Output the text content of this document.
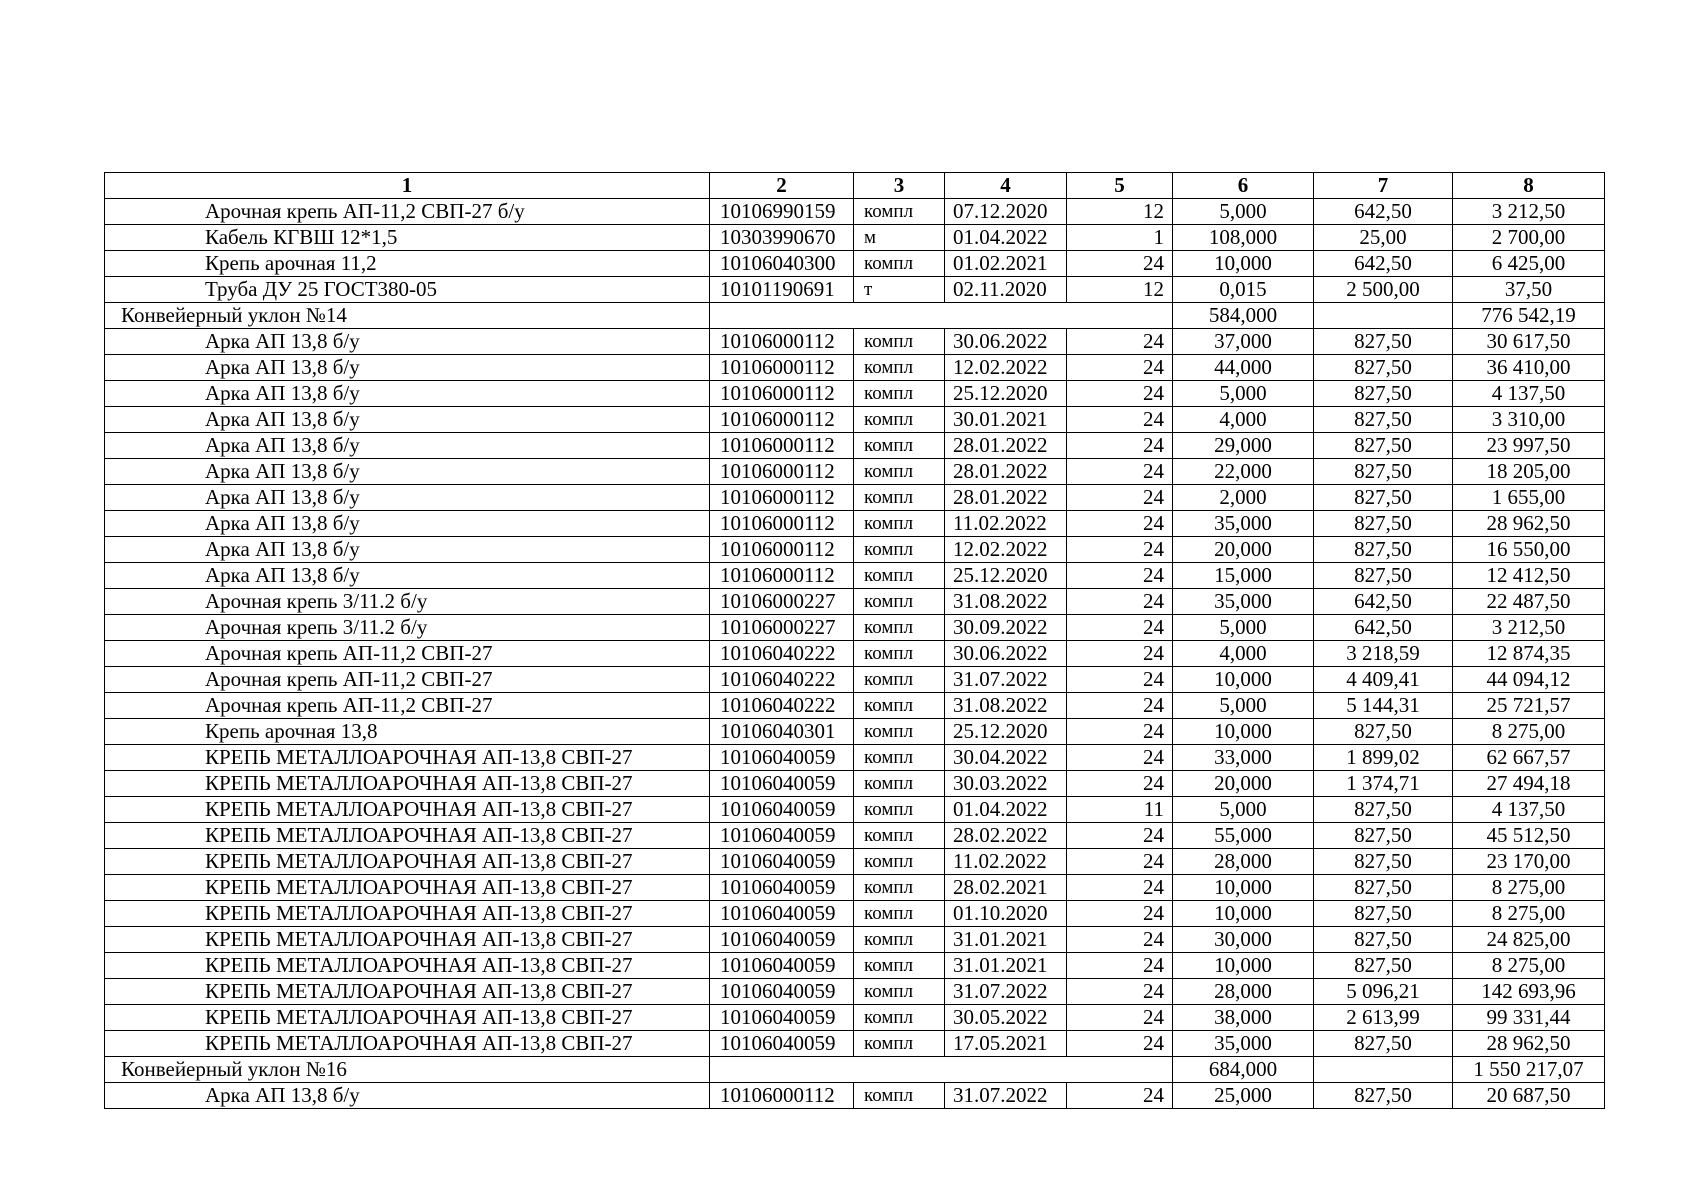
1	2	3	4	5	6	7	8
Арочная крепь АП-11,2 СВП-27 б/у	10106990159	компл	07.12.2020	12	5,000	642,50	3 212,50
Кабель КГВШ 12*1,5	10303990670	м	01.04.2022	1	108,000	25,00	2 700,00
Крепь арочная 11,2	10106040300	компл	01.02.2021	24	10,000	642,50	6 425,00
Труба ДУ 25 ГОСТ380-05	10101190691	т	02.11.2020	12	0,015	2 500,00	37,50
Конвейерный уклон №14					584,000		776 542,19
Арка АП 13,8 б/у	10106000112	компл	30.06.2022	24	37,000	827,50	30 617,50
Арка АП 13,8 б/у	10106000112	компл	12.02.2022	24	44,000	827,50	36 410,00
Арка АП 13,8 б/у	10106000112	компл	25.12.2020	24	5,000	827,50	4 137,50
Арка АП 13,8 б/у	10106000112	компл	30.01.2021	24	4,000	827,50	3 310,00
Арка АП 13,8 б/у	10106000112	компл	28.01.2022	24	29,000	827,50	23 997,50
Арка АП 13,8 б/у	10106000112	компл	28.01.2022	24	22,000	827,50	18 205,00
Арка АП 13,8 б/у	10106000112	компл	28.01.2022	24	2,000	827,50	1 655,00
Арка АП 13,8 б/у	10106000112	компл	11.02.2022	24	35,000	827,50	28 962,50
Арка АП 13,8 б/у	10106000112	компл	12.02.2022	24	20,000	827,50	16 550,00
Арка АП 13,8 б/у	10106000112	компл	25.12.2020	24	15,000	827,50	12 412,50
Арочная крепь 3/11.2 б/у	10106000227	компл	31.08.2022	24	35,000	642,50	22 487,50
Арочная крепь 3/11.2 б/у	10106000227	компл	30.09.2022	24	5,000	642,50	3 212,50
Арочная крепь АП-11,2 СВП-27	10106040222	компл	30.06.2022	24	4,000	3 218,59	12 874,35
Арочная крепь АП-11,2 СВП-27	10106040222	компл	31.07.2022	24	10,000	4 409,41	44 094,12
Арочная крепь АП-11,2 СВП-27	10106040222	компл	31.08.2022	24	5,000	5 144,31	25 721,57
Крепь арочная 13,8	10106040301	компл	25.12.2020	24	10,000	827,50	8 275,00
КРЕПЬ МЕТАЛЛОАРОЧНАЯ АП-13,8 СВП-27	10106040059	компл	30.04.2022	24	33,000	1 899,02	62 667,57
КРЕПЬ МЕТАЛЛОАРОЧНАЯ АП-13,8 СВП-27	10106040059	компл	30.03.2022	24	20,000	1 374,71	27 494,18
КРЕПЬ МЕТАЛЛОАРОЧНАЯ АП-13,8 СВП-27	10106040059	компл	01.04.2022	11	5,000	827,50	4 137,50
КРЕПЬ МЕТАЛЛОАРОЧНАЯ АП-13,8 СВП-27	10106040059	компл	28.02.2022	24	55,000	827,50	45 512,50
КРЕПЬ МЕТАЛЛОАРОЧНАЯ АП-13,8 СВП-27	10106040059	компл	11.02.2022	24	28,000	827,50	23 170,00
КРЕПЬ МЕТАЛЛОАРОЧНАЯ АП-13,8 СВП-27	10106040059	компл	28.02.2021	24	10,000	827,50	8 275,00
КРЕПЬ МЕТАЛЛОАРОЧНАЯ АП-13,8 СВП-27	10106040059	компл	01.10.2020	24	10,000	827,50	8 275,00
КРЕПЬ МЕТАЛЛОАРОЧНАЯ АП-13,8 СВП-27	10106040059	компл	31.01.2021	24	30,000	827,50	24 825,00
КРЕПЬ МЕТАЛЛОАРОЧНАЯ АП-13,8 СВП-27	10106040059	компл	31.01.2021	24	10,000	827,50	8 275,00
КРЕПЬ МЕТАЛЛОАРОЧНАЯ АП-13,8 СВП-27	10106040059	компл	31.07.2022	24	28,000	5 096,21	142 693,96
КРЕПЬ МЕТАЛЛОАРОЧНАЯ АП-13,8 СВП-27	10106040059	компл	30.05.2022	24	38,000	2 613,99	99 331,44
КРЕПЬ МЕТАЛЛОАРОЧНАЯ АП-13,8 СВП-27	10106040059	компл	17.05.2021	24	35,000	827,50	28 962,50
Конвейерный уклон №16					684,000		1 550 217,07
Арка АП 13,8 б/у	10106000112	компл	31.07.2022	24	25,000	827,50	20 687,50
